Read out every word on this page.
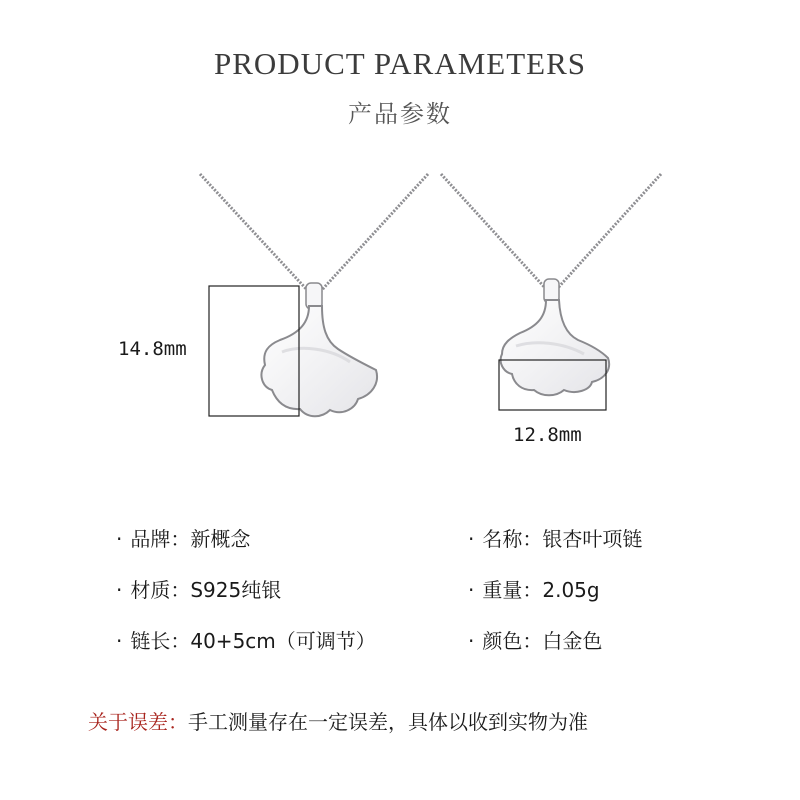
PRODUCT PARAMETERS
产品参数
14.8mm
12.8mm
· 品牌：新概念	· 名称：银杏叶项链
· 材质：S925纯银	· 重量：2.05g
· 链长：40+5cm（可调节）	· 颜色：白金色
关于误差：手工测量存在一定误差，具体以收到实物为准
